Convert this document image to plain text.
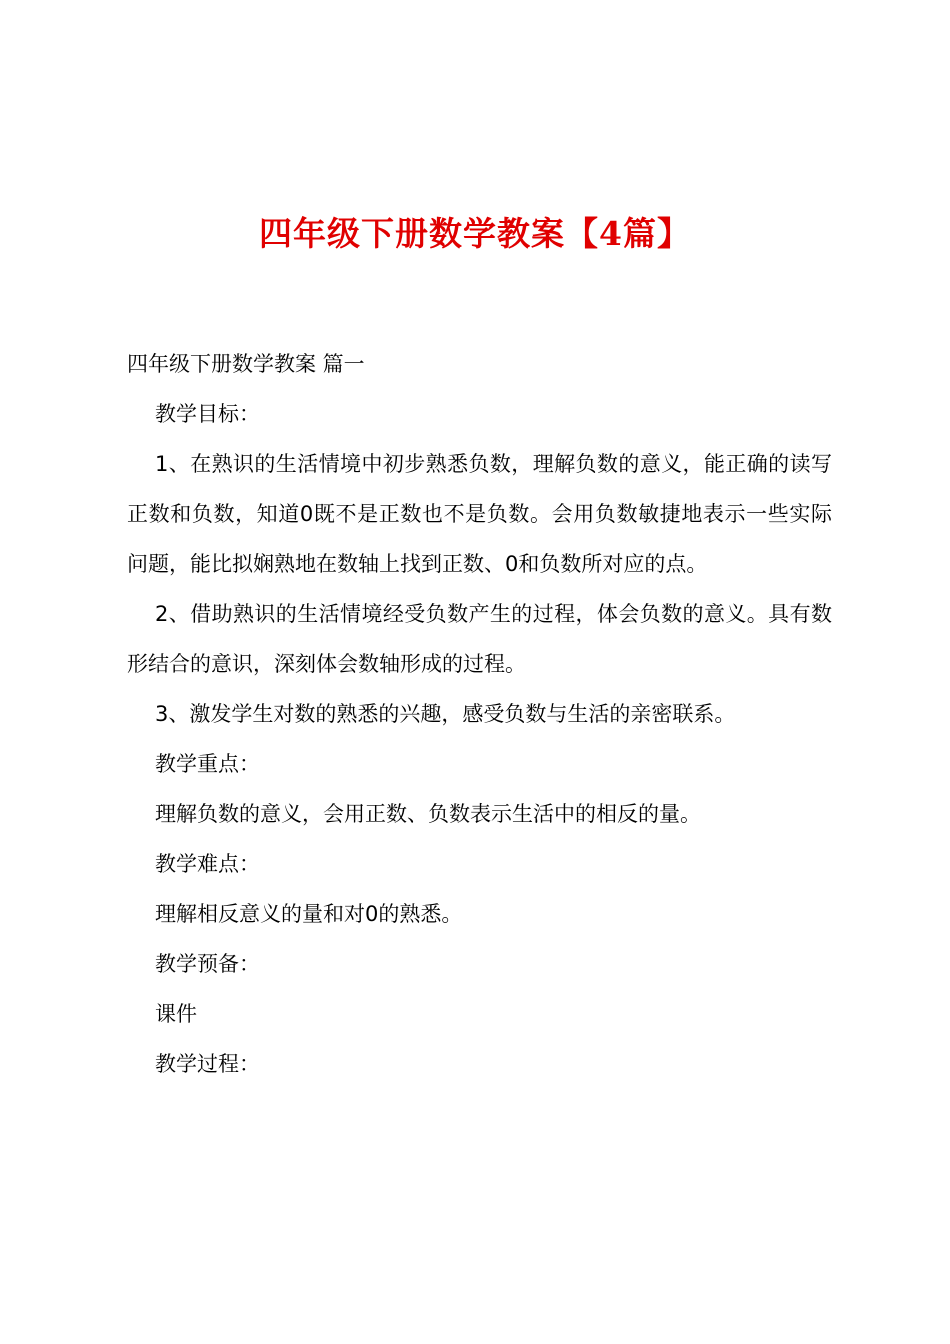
四年级下册数学教案【4篇】

四年级下册数学教案 篇一

教学目标：

1、在熟识的生活情境中初步熟悉负数，理解负数的意义，能正确的读写正数和负数，知道0既不是正数也不是负数。会用负数敏捷地表示一些实际问题，能比拟娴熟地在数轴上找到正数、0和负数所对应的点。

2、借助熟识的生活情境经受负数产生的过程，体会负数的意义。具有数形结合的意识，深刻体会数轴形成的过程。

3、激发学生对数的熟悉的兴趣，感受负数与生活的亲密联系。

教学重点：

理解负数的意义，会用正数、负数表示生活中的相反的量。

教学难点：

理解相反意义的量和对0的熟悉。

教学预备：

课件

教学过程：
